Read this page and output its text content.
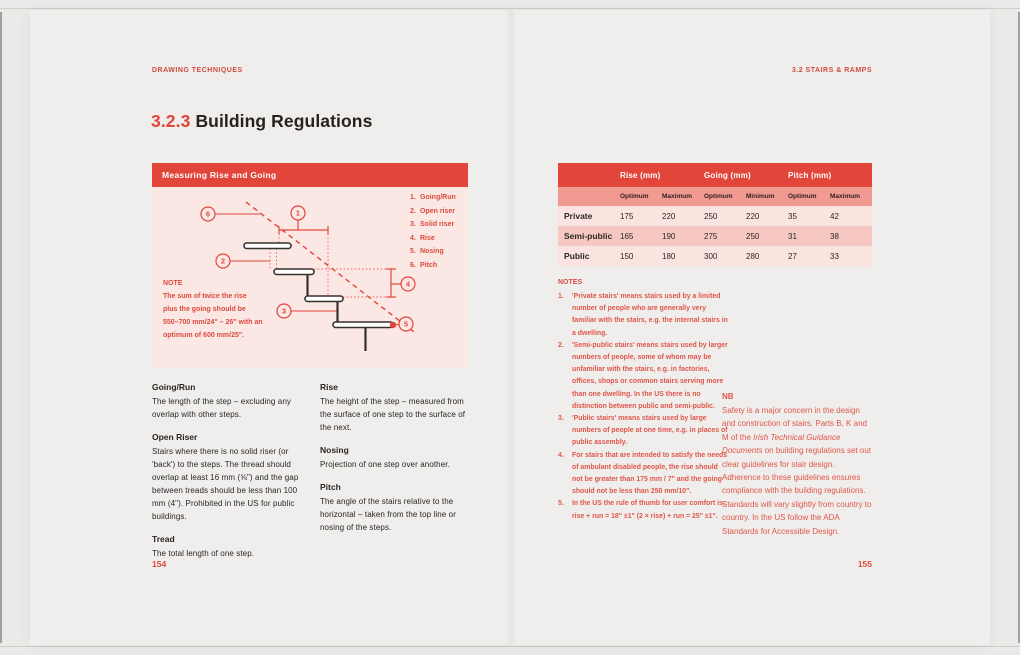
DRAWING TECHNIQUES	3.2 STAIRS & RAMPS
3.2.3 Building Regulations
Measuring Rise and Going
1
2
3
4
5
6
1. Going/Run
2. Open riser
3. Solid riser
4. Rise
5. Nosing
6. Pitch
NOTE
The sum of twice the rise
plus the going should be
550–700 mm/24" – 26" with an
optimum of 600 mm/25".
Going/Run
The length of the step – excluding any overlap with other steps.
Open Riser
Stairs where there is no solid riser (or 'back') to the steps. The thread should overlap at least 16 mm (⅝") and the gap between treads should be less than 100 mm (4"). Prohibited in the US for public buildings.
Tread
The total length of one step.
Rise
The height of the step – measured from the surface of one step to the surface of the next.
Nosing
Projection of one step over another.
Pitch
The angle of the stairs relative to the horizontal – taken from the top line or nosing of the steps.
154
Rise (mm)	Going (mm)	Pitch (mm)
Optimum	Maximum	Optimum	Minimum	Optimum	Maximum
Private	175	220	250	220	35	42
Semi-public 165	190	275	250	31	38
Public	150	180	300	280	27	33
NOTES
1.	'Private stairs' means stairs used by a limited number of people who are generally very familiar with the stairs, e.g. the internal stairs in a dwelling.
2.	'Semi-public stairs' means stairs used by larger numbers of people, some of whom may be unfamiliar with the stairs, e.g. in factories, offices, shops or common stairs serving more than one dwelling. In the US there is no distinction between public and semi-public.
3.	'Public stairs' means stairs used by large numbers of people at one time, e.g. in places of public assembly.
4.	For stairs that are intended to satisfy the needs of ambulant disabled people, the rise should not be greater than 175 mm / 7" and the going should not be less than 250 mm/10".
5.	In the US the rule of thumb for user comfort is: rise + run = 18" ±1" (2 × rise) + run = 25" ±1".
NB
Safety is a major concern in the design and construction of stairs. Parts B, K and M of the Irish Technical Guidance Documents on building regulations set out clear guidelines for stair design. Adherence to these guidelines ensures compliance with the building regulations. Standards will vary slightly from country to country. In the US follow the ADA Standards for Accessible Design.
155
